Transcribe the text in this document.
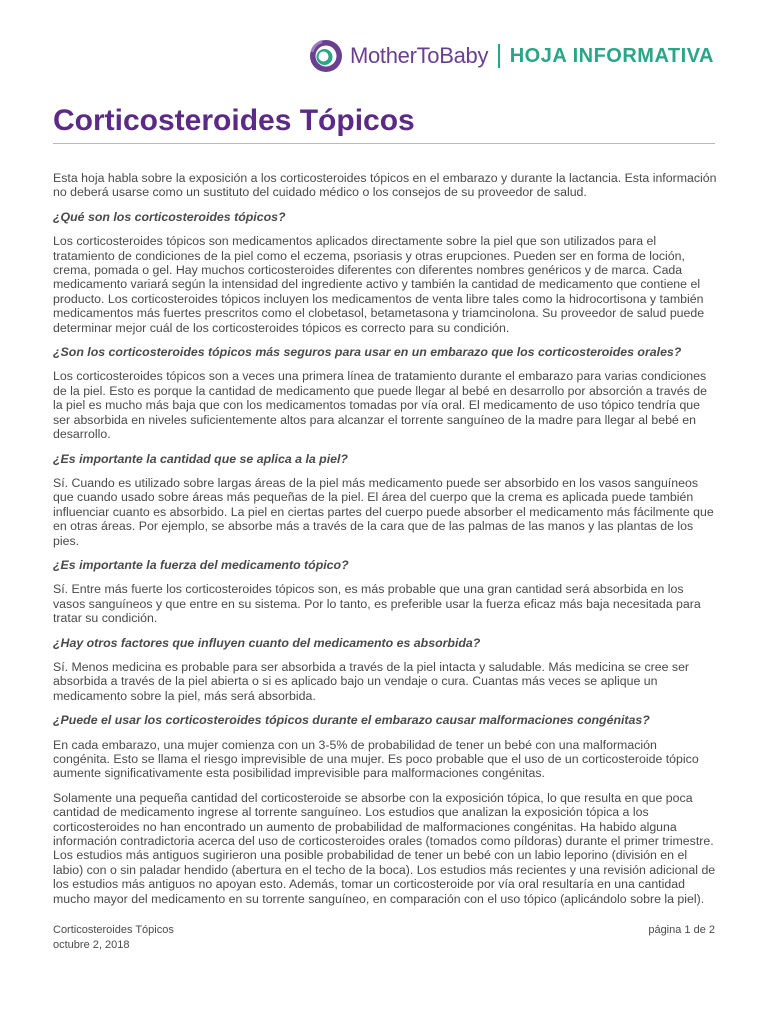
MotherToBaby HOJA INFORMATIVA
Corticosteroides Tópicos

Esta hoja habla sobre la exposición a los corticosteroides tópicos en el embarazo y durante la lactancia. Esta información no deberá usarse como un sustituto del cuidado médico o los consejos de su proveedor de salud.

¿Qué son los corticosteroides tópicos?

Los corticosteroides tópicos son medicamentos aplicados directamente sobre la piel que son utilizados para el tratamiento de condiciones de la piel como el eczema, psoriasis y otras erupciones. Pueden ser en forma de loción, crema, pomada o gel. Hay muchos corticosteroides diferentes con diferentes nombres genéricos y de marca. Cada medicamento variará según la intensidad del ingrediente activo y también la cantidad de medicamento que contiene el producto. Los corticosteroides tópicos incluyen los medicamentos de venta libre tales como la hidrocortisona y también medicamentos más fuertes prescritos como el clobetasol, betametasona y triamcinolona. Su proveedor de salud puede determinar mejor cuál de los corticosteroides tópicos es correcto para su condición.

¿Son los corticosteroides tópicos más seguros para usar en un embarazo que los corticosteroides orales?

Los corticosteroides tópicos son a veces una primera línea de tratamiento durante el embarazo para varias condiciones de la piel. Esto es porque la cantidad de medicamento que puede llegar al bebé en desarrollo por absorción a través de la piel es mucho más baja que con los medicamentos tomadas por vía oral. El medicamento de uso tópico tendría que ser absorbida en niveles suficientemente altos para alcanzar el torrente sanguíneo de la madre para llegar al bebé en desarrollo.

¿Es importante la cantidad que se aplica a la piel?

Sí. Cuando es utilizado sobre largas áreas de la piel más medicamento puede ser absorbido en los vasos sanguíneos que cuando usado sobre áreas más pequeñas de la piel. El área del cuerpo que la crema es aplicada puede también influenciar cuanto es absorbido. La piel en ciertas partes del cuerpo puede absorber el medicamento más fácilmente que en otras áreas. Por ejemplo, se absorbe más a través de la cara que de las palmas de las manos y las plantas de los pies.

¿Es importante la fuerza del medicamento tópico?

Sí. Entre más fuerte los corticosteroides tópicos son, es más probable que una gran cantidad será absorbida en los vasos sanguíneos y que entre en su sistema. Por lo tanto, es preferible usar la fuerza eficaz más baja necesitada para tratar su condición.

¿Hay otros factores que influyen cuanto del medicamento es absorbida?

Sí. Menos medicina es probable para ser absorbida a través de la piel intacta y saludable. Más medicina se cree ser absorbida a través de la piel abierta o si es aplicado bajo un vendaje o cura. Cuantas más veces se aplique un medicamento sobre la piel, más será absorbida.

¿Puede el usar los corticosteroides tópicos durante el embarazo causar malformaciones congénitas?

En cada embarazo, una mujer comienza con un 3-5% de probabilidad de tener un bebé con una malformación congénita. Esto se llama el riesgo imprevisible de una mujer. Es poco probable que el uso de un corticosteroide tópico aumente significativamente esta posibilidad imprevisible para malformaciones congénitas.

Solamente una pequeña cantidad del corticosteroide se absorbe con la exposición tópica, lo que resulta en que poca cantidad de medicamento ingrese al torrente sanguíneo. Los estudios que analizan la exposición tópica a los corticosteroides no han encontrado un aumento de probabilidad de malformaciones congénitas. Ha habido alguna información contradictoria acerca del uso de corticosteroides orales (tomados como píldoras) durante el primer trimestre. Los estudios más antiguos sugirieron una posible probabilidad de tener un bebé con un labio leporino (división en el labio) con o sin paladar hendido (abertura en el techo de la boca). Los estudios más recientes y una revisión adicional de los estudios más antiguos no apoyan esto. Además, tomar un corticosteroide por vía oral resultaría en una cantidad mucho mayor del medicamento en su torrente sanguíneo, en comparación con el uso tópico (aplicándolo sobre la piel).

Corticosteroides Tópicos
octubre 2, 2018
página 1 de 2
